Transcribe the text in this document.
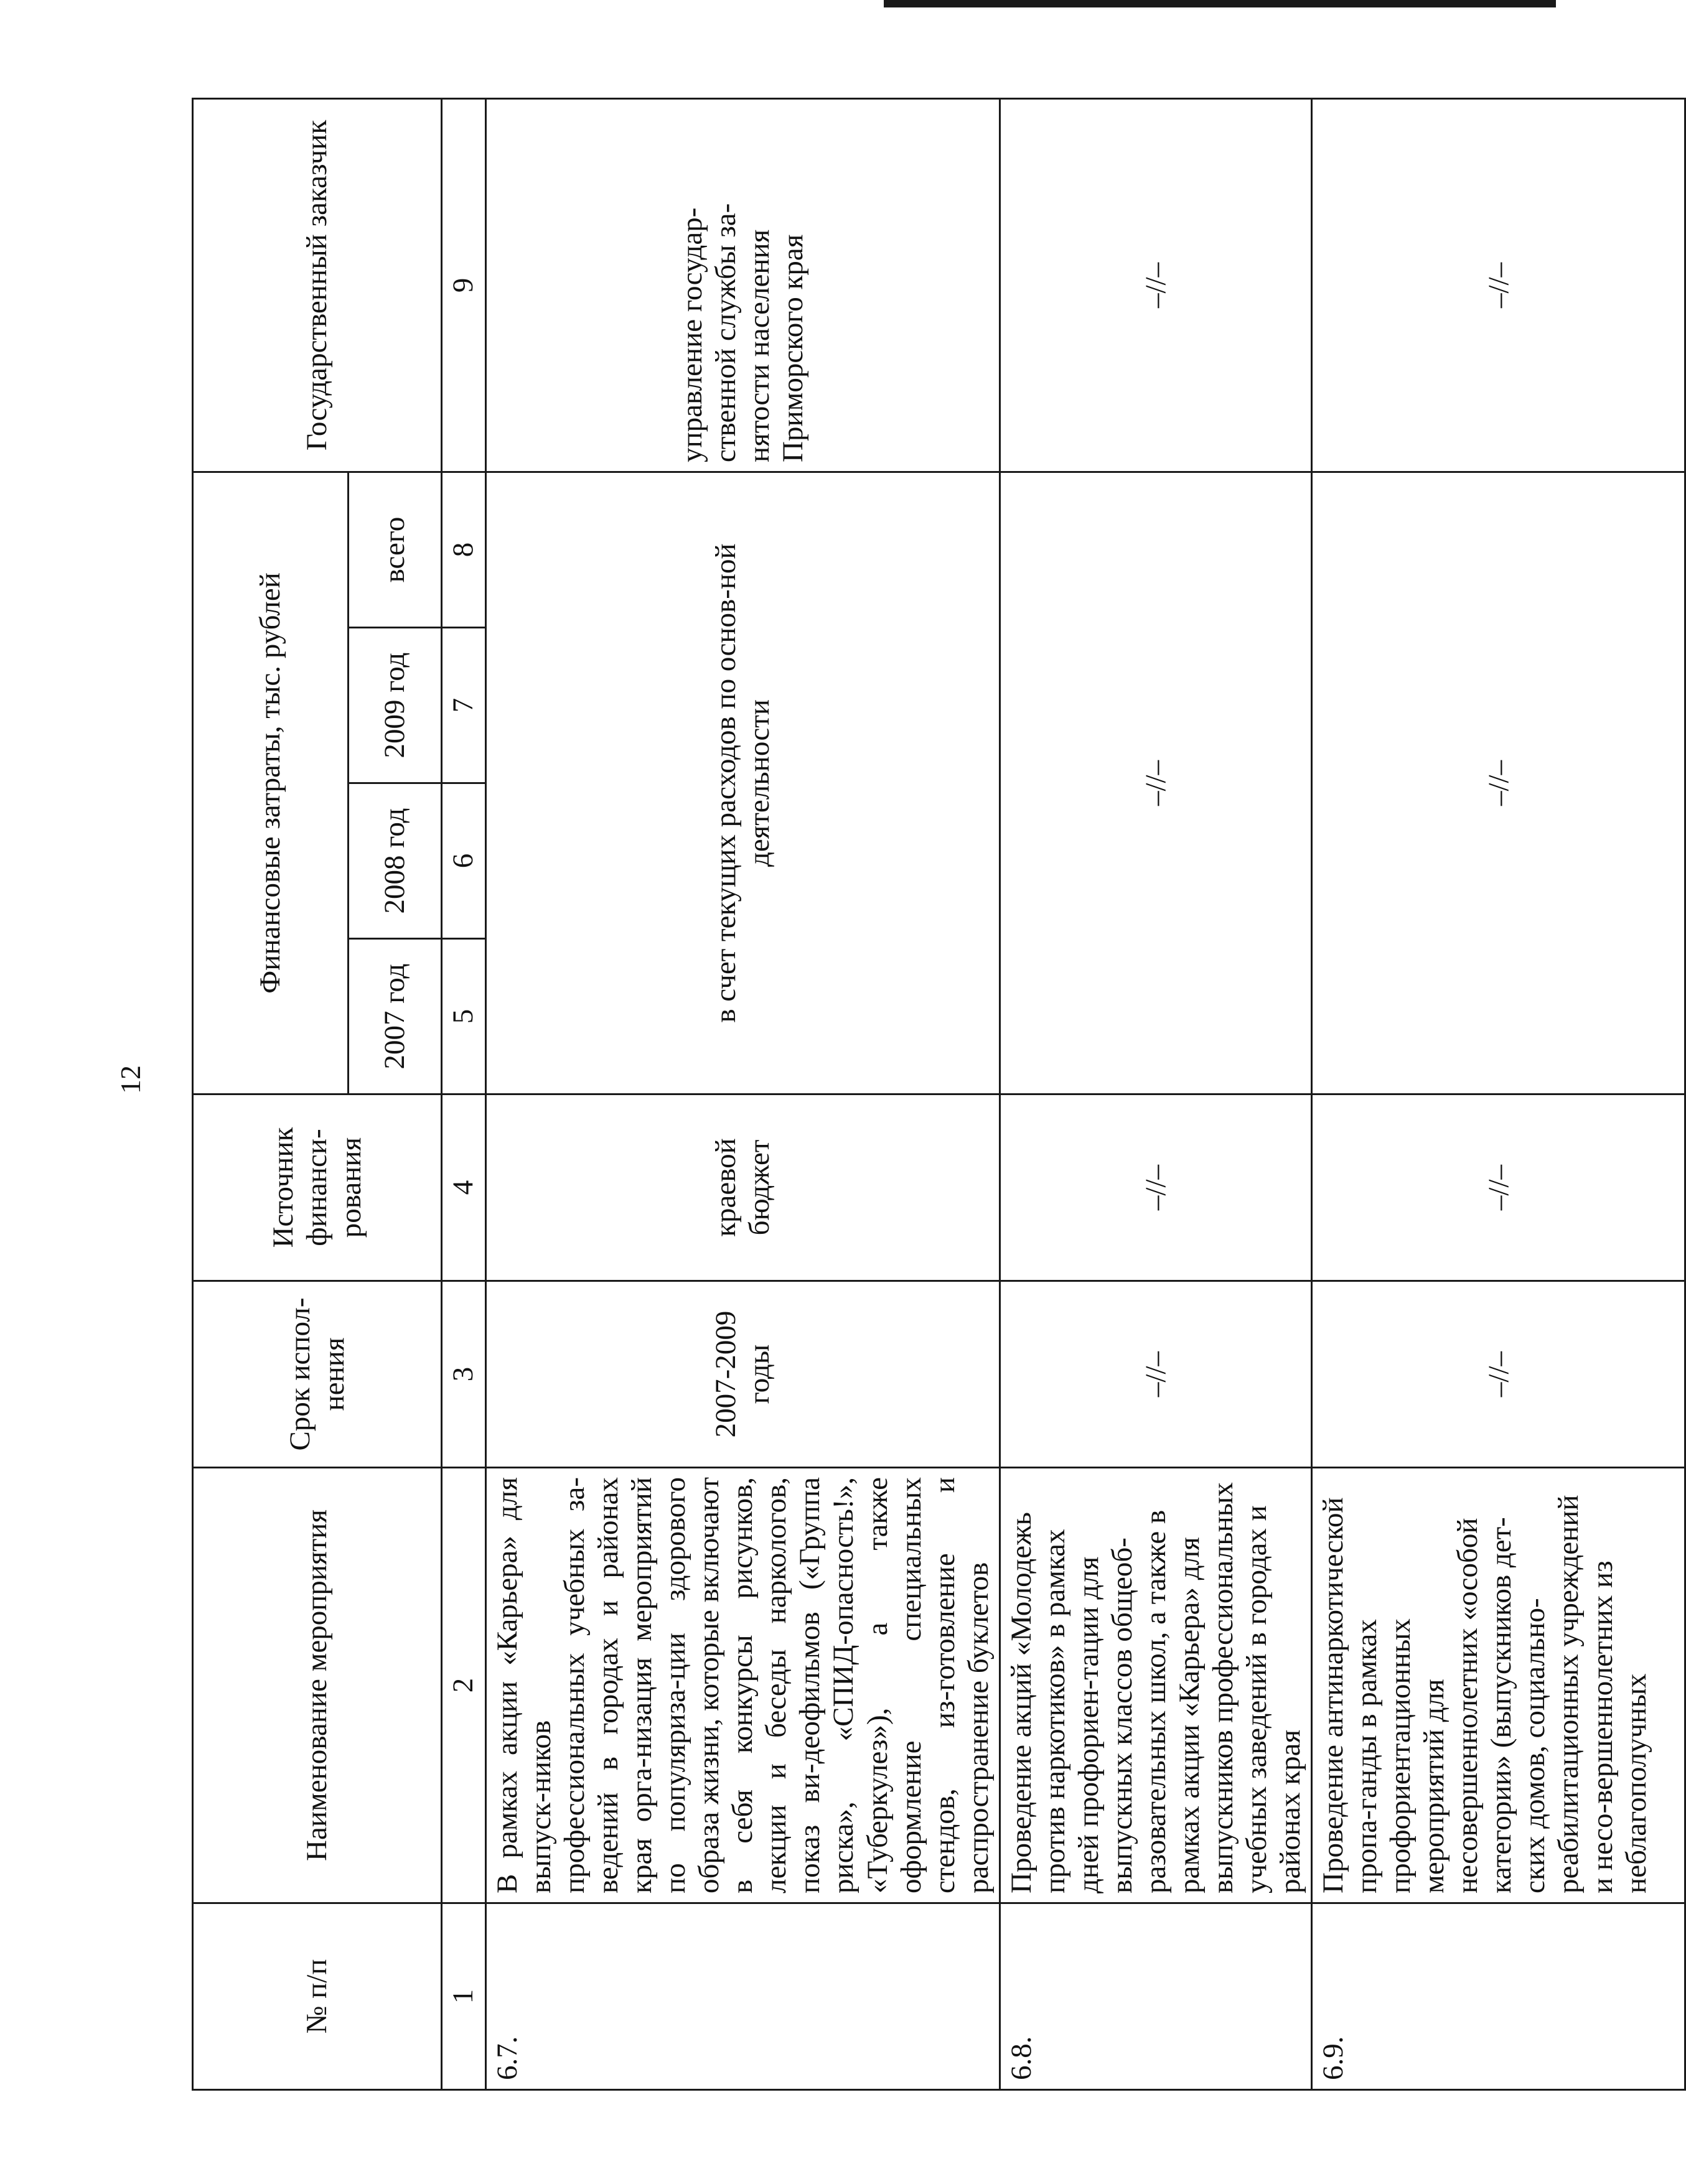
12
№ п/п	Наименование мероприятия	Срок испол-нения	Источник финанси-рования	Финансовые затраты, тыс. рублей				Государственный заказчик
				2007 год	2008 год	2009 год	всего	
1	2	3	4	5	6	7	8	9
6.7.	В рамках акции «Карьера» для выпуск-ников профессиональных учебных за-ведений в городах и районах края орга-низация мероприятий по популяриза-ции здорового образа жизни, которые включают в себя конкурсы рисунков, лекции и беседы наркологов, показ ви-деофильмов («Группа риска», «СПИД-опасность!», «Туберкулез»), а также оформление специальных стендов, из-готовление и распространение буклетов	2007-2009 годы	краевой бюджет	в счет текущих расходов по основ-ной деятельности				управление государ-ственной службы за-нятости населения Приморского края
6.8.	Проведение акций «Молодежь против наркотиков» в рамках дней профориен-тации для выпускных классов общеоб-разовательных школ, а также в рамках акции «Карьера» для выпускников профессиональных учебных заведений в городах и районах края	–//–	–//–	–//–				–//–
6.9.	Проведение антинаркотической пропа-ганды в рамках профориентационных мероприятий для несовершеннолетних «особой категории» (выпускников дет-ских домов, социально-реабилитационных учреждений и несо-вершеннолетних из неблагополучных	–//–	–//–	–//–				–//–
